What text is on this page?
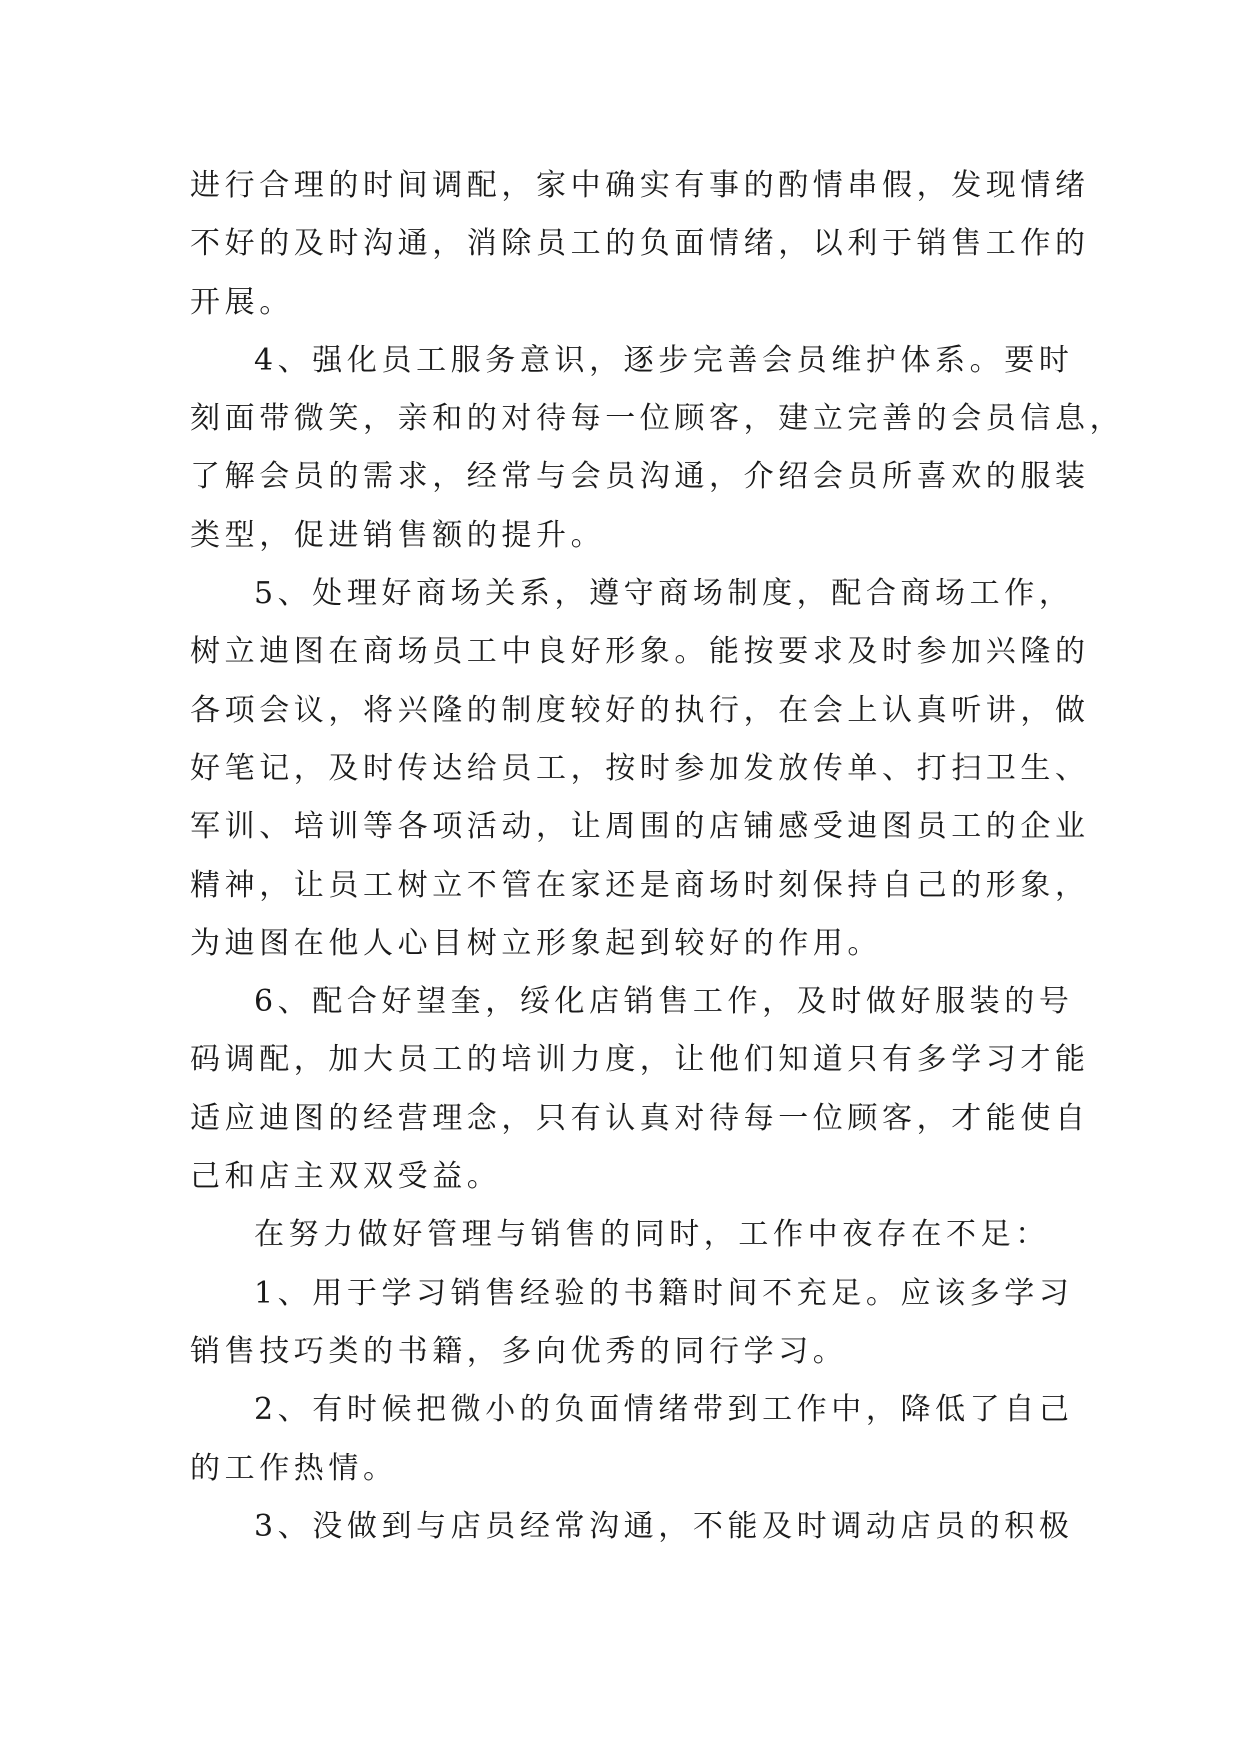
进行合理的时间调配，家中确实有事的酌情串假，发现情绪
不好的及时沟通，消除员工的负面情绪，以利于销售工作的
开展。
4、强化员工服务意识，逐步完善会员维护体系。要时
刻面带微笑，亲和的对待每一位顾客，建立完善的会员信息，
了解会员的需求，经常与会员沟通，介绍会员所喜欢的服装
类型，促进销售额的提升。
5、处理好商场关系，遵守商场制度，配合商场工作，
树立迪图在商场员工中良好形象。能按要求及时参加兴隆的
各项会议，将兴隆的制度较好的执行，在会上认真听讲，做
好笔记，及时传达给员工，按时参加发放传单、打扫卫生、
军训、培训等各项活动，让周围的店铺感受迪图员工的企业
精神，让员工树立不管在家还是商场时刻保持自己的形象，
为迪图在他人心目树立形象起到较好的作用。
6、配合好望奎，绥化店销售工作，及时做好服装的号
码调配，加大员工的培训力度，让他们知道只有多学习才能
适应迪图的经营理念，只有认真对待每一位顾客，才能使自
己和店主双双受益。
在努力做好管理与销售的同时，工作中夜存在不足：
1、用于学习销售经验的书籍时间不充足。应该多学习
销售技巧类的书籍，多向优秀的同行学习。
2、有时候把微小的负面情绪带到工作中，降低了自己
的工作热情。
3、没做到与店员经常沟通，不能及时调动店员的积极
